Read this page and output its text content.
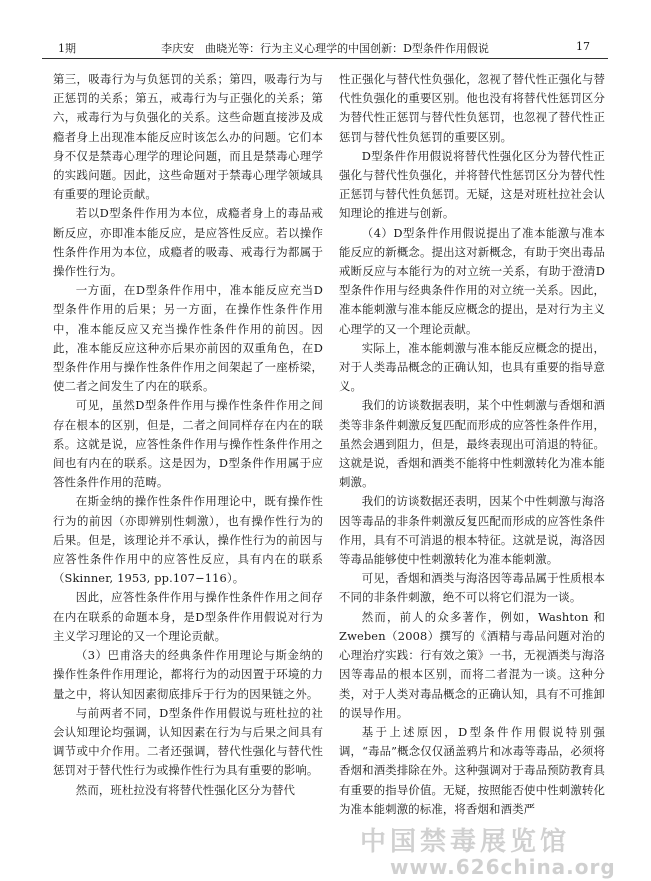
1期	李庆安　曲晓光等：行为主义心理学的中国创新：D型条件作用假说	17

第三，吸毒行为与负惩罚的关系；第四，吸毒行为与正惩罚的关系；第五，戒毒行为与正强化的关系；第六，戒毒行为与负强化的关系。这些命题直接涉及成瘾者身上出现准本能反应时该怎么办的问题。它们本身不仅是禁毒心理学的理论问题，而且是禁毒心理学的实践问题。因此，这些命题对于禁毒心理学领域具有重要的理论贡献。

若以D型条件作用为本位，成瘾者身上的毒品戒断反应，亦即准本能反应，是应答性反应。若以操作性条件作用为本位，成瘾者的吸毒、戒毒行为都属于操作性行为。

一方面，在D型条件作用中，准本能反应充当D型条件作用的后果；另一方面，在操作性条件作用中，准本能反应又充当操作性条件作用的前因。因此，准本能反应这种亦后果亦前因的双重角色，在D型条件作用与操作性条件作用之间架起了一座桥梁，使二者之间发生了内在的联系。

可见，虽然D型条件作用与操作性条件作用之间存在根本的区别，但是，二者之间同样存在内在的联系。这就是说，应答性条件作用与操作性条件作用之间也有内在的联系。这是因为，D型条件作用属于应答性条件作用的范畴。

在斯金纳的操作性条件作用理论中，既有操作性行为的前因（亦即辨别性刺激），也有操作性行为的后果。但是，该理论并不承认，操作性行为的前因与应答性条件作用中的应答性反应，具有内在的联系（Skinner, 1953, pp.107−116）。

因此，应答性条件作用与操作性条件作用之间存在内在联系的命题本身，是D型条件作用假说对行为主义学习理论的又一个理论贡献。

（3）巴甫洛夫的经典条件作用理论与斯金纳的操作性条件作用理论，都将行为的动因置于环境的力量之中，将认知因素彻底排斥于行为的因果链之外。

与前两者不同，D型条件作用假说与班杜拉的社会认知理论均强调，认知因素在行为与后果之间具有调节或中介作用。二者还强调，替代性强化与替代性惩罚对于替代性行为或操作性行为具有重要的影响。

然而，班杜拉没有将替代性强化区分为替代

性正强化与替代性负强化，忽视了替代性正强化与替代性负强化的重要区别。他也没有将替代性惩罚区分为替代性正惩罚与替代性负惩罚，也忽视了替代性正惩罚与替代性负惩罚的重要区别。

D型条件作用假说将替代性强化区分为替代性正强化与替代性负强化，并将替代性惩罚区分为替代性正惩罚与替代性负惩罚。无疑，这是对班杜拉社会认知理论的推进与创新。

（4）D型条件作用假说提出了准本能激与准本能反应的新概念。提出这对新概念，有助于突出毒品戒断反应与本能行为的对立统一关系，有助于澄清D型条件作用与经典条件作用的对立统一关系。因此，准本能刺激与准本能反应概念的提出，是对行为主义心理学的又一个理论贡献。

实际上，准本能刺激与准本能反应概念的提出，对于人类毒品概念的正确认知，也具有重要的指导意义。

我们的访谈数据表明，某个中性刺激与香烟和酒类等非条件刺激反复匹配而形成的应答性条件作用，虽然会遇到阻力，但是，最终表现出可消退的特征。这就是说，香烟和酒类不能将中性刺激转化为准本能刺激。

我们的访谈数据还表明，因某个中性刺激与海洛因等毒品的非条件刺激反复匹配而形成的应答性条件作用，具有不可消退的根本特征。这就是说，海洛因等毒品能够使中性刺激转化为准本能刺激。

可见，香烟和酒类与海洛因等毒品属于性质根本不同的非条件刺激，绝不可以将它们混为一谈。

然而，前人的众多著作，例如，Washton 和 Zweben（2008）撰写的《酒精与毒品问题对治的心理治疗实践：行有效之策》一书，无视酒类与海洛因等毒品的根本区别，而将二者混为一谈。这种分类，对于人类对毒品概念的正确认知，具有不可推卸的误导作用。

基于上述原因，D型条件作用假说特别强调，“毒品”概念仅仅涵盖鸦片和冰毒等毒品，必须将香烟和酒类排除在外。这种强调对于毒品预防教育具有重要的指导价值。无疑，按照能否使中性刺激转化为准本能刺激的标准，将香烟和酒类严

中国禁毒展览馆
www.626china.org
